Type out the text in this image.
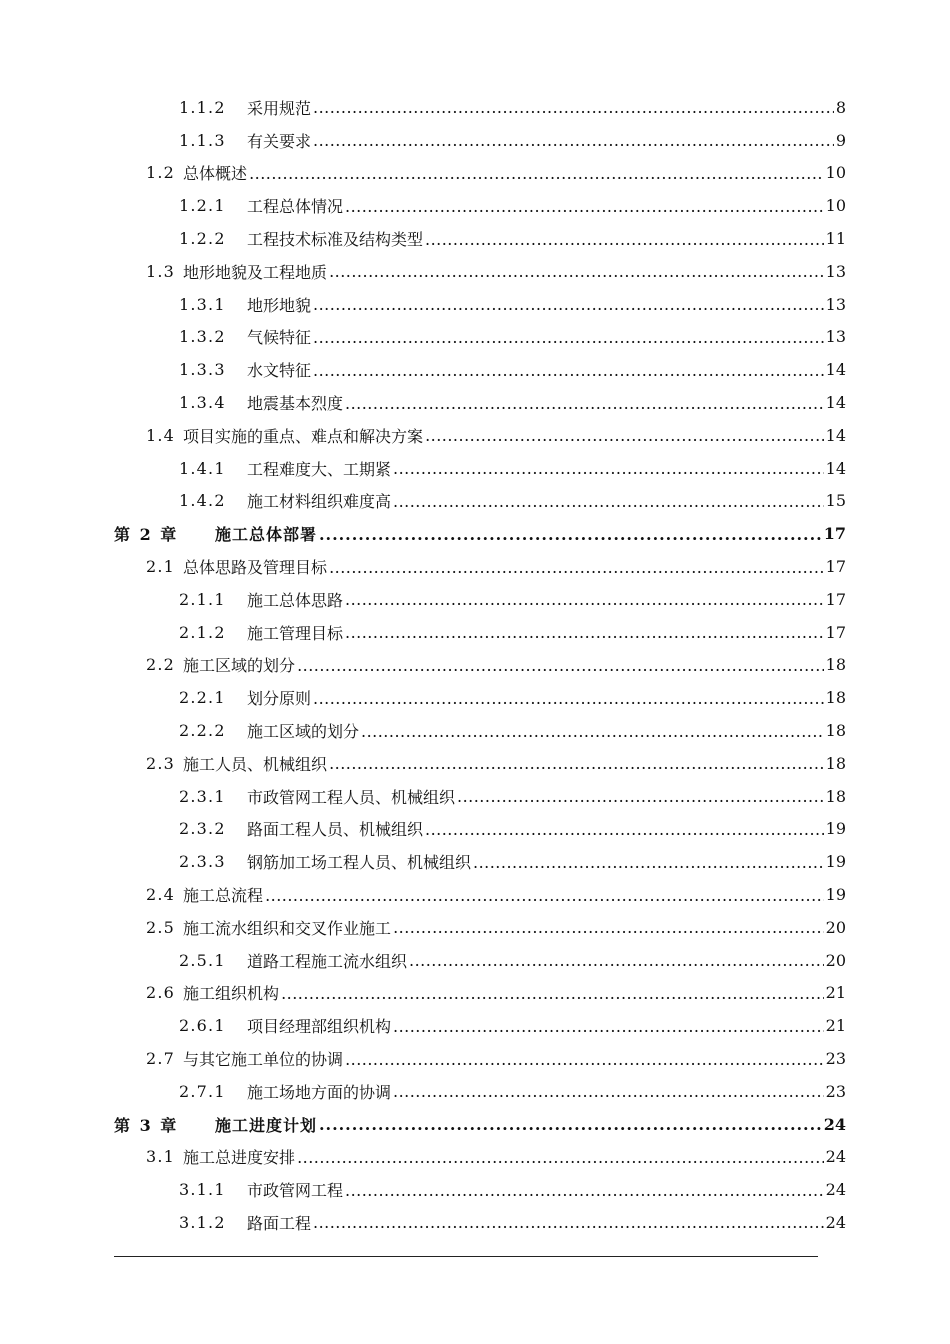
1.1.2	采用规范 . . .	8
1.1.3	有关要求 . . .	9
1.2 总体概述 . . .	10
1.2.1	工程总体情况 . . .	10
1.2.2	工程技术标准及结构类型 . . .	11
1.3 地形地貌及工程地质 . . .	13
1.3.1	地形地貌 . . .	13
1.3.2	气候特征 . . .	13
1.3.3	水文特征 . . .	14
1.3.4	地震基本烈度 . . .	14
1.4 项目实施的重点、难点和解决方案 . . .	14
1.4.1	工程难度大、工期紧 . . .	14
1.4.2	施工材料组织难度高 . . .	15
第 2 章	施工总体部署 . . .	17
2.1 总体思路及管理目标 . . .	17
2.1.1	施工总体思路 . . .	17
2.1.2	施工管理目标 . . .	17
2.2 施工区域的划分 . . .	18
2.2.1	划分原则 . . .	18
2.2.2	施工区域的划分 . . .	18
2.3 施工人员、机械组织 . . .	18
2.3.1	市政管网工程人员、机械组织 . . .	18
2.3.2	路面工程人员、机械组织 . . .	19
2.3.3	钢筋加工场工程人员、机械组织 . . .	19
2.4 施工总流程 . . .	19
2.5 施工流水组织和交叉作业施工 . . .	20
2.5.1	道路工程施工流水组织 . . .	20
2.6 施工组织机构 . . .	21
2.6.1	项目经理部组织机构 . . .	21
2.7 与其它施工单位的协调 . . .	23
2.7.1	施工场地方面的协调 . . .	23
第 3 章	施工进度计划 . . .	24
3.1 施工总进度安排 . . .	24
3.1.1	市政管网工程 . . .	24
3.1.2	路面工程 . . .	24
